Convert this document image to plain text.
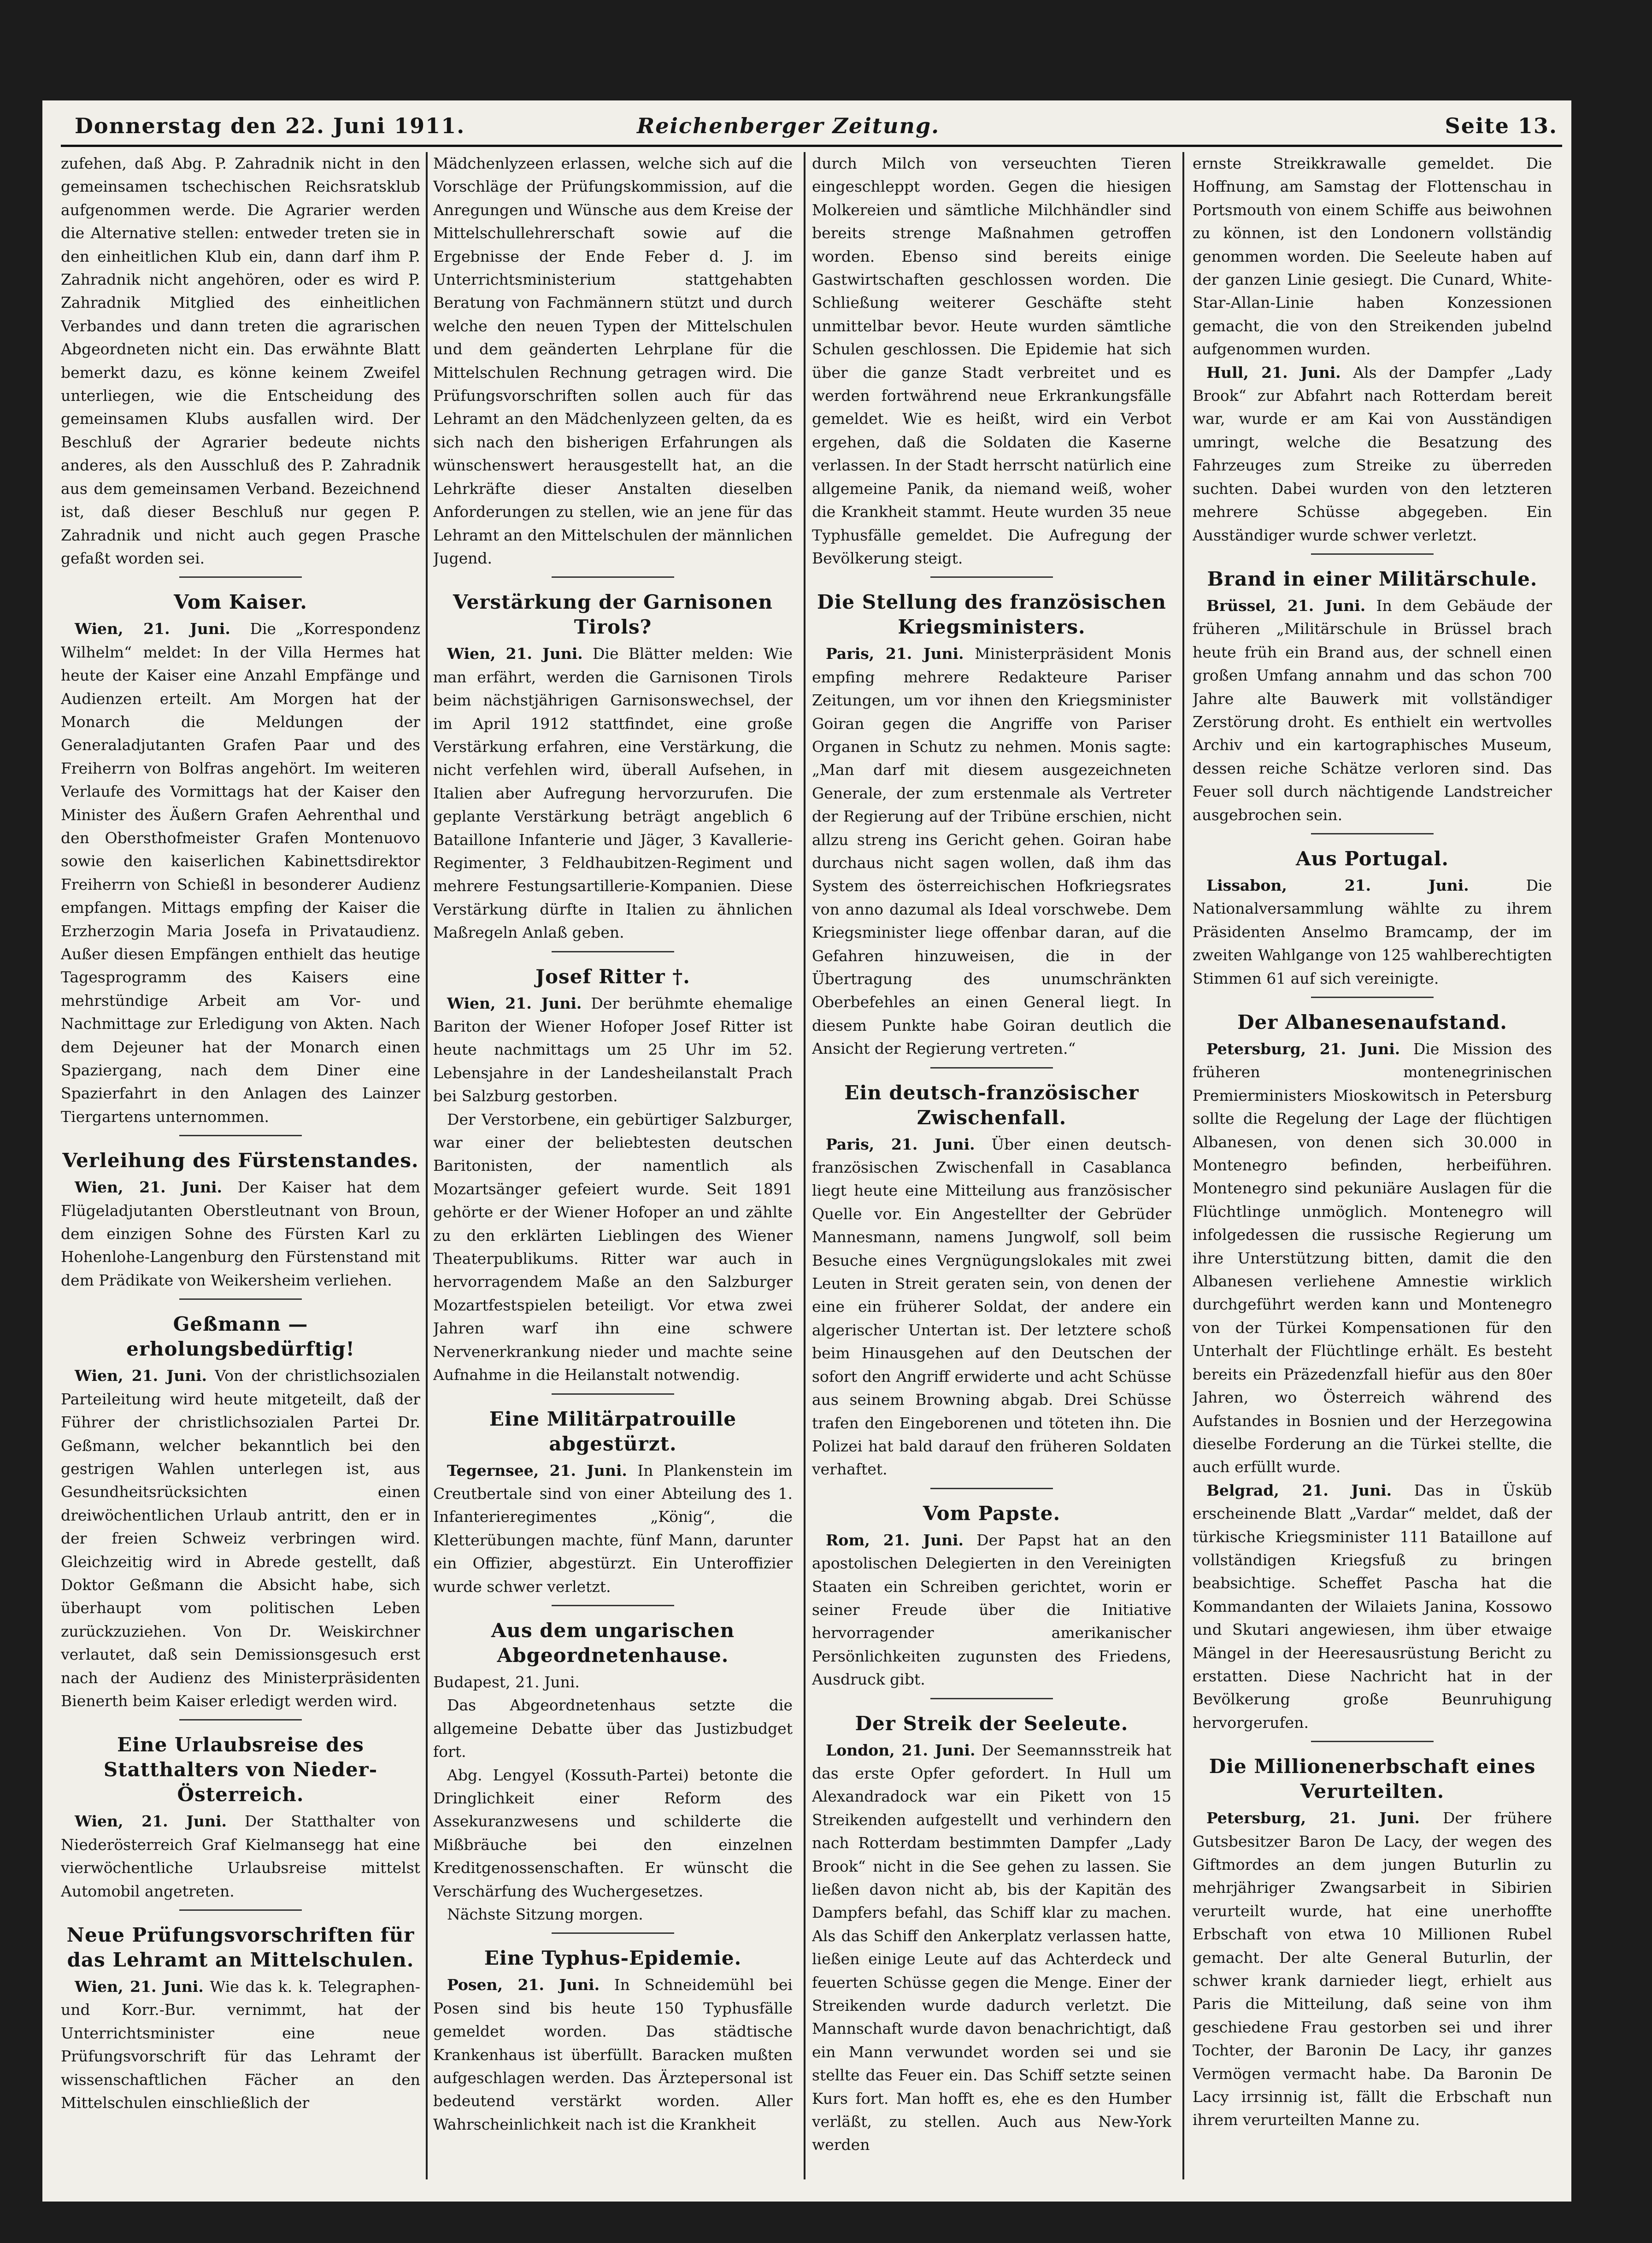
Donnerstag den 22. Juni 1911.	Reichenberger Zeitung.	Seite 13.

zufehen, daß Abg. P. Zahradnik nicht in den gemeinsamen tschechischen Reichsratsklub aufgenommen werde. Die Agrarier werden die Alternative stellen: entweder treten sie in den einheitlichen Klub ein, dann darf ihm P. Zahradnik nicht angehören, oder es wird P. Zahradnik Mitglied des einheitlichen Verbandes und dann treten die agrarischen Abgeordneten nicht ein. Das erwähnte Blatt bemerkt dazu, es könne keinem Zweifel unterliegen, wie die Entscheidung des gemeinsamen Klubs ausfallen wird. Der Beschluß der Agrarier bedeute nichts anderes, als den Ausschluß des P. Zahradnik aus dem gemeinsamen Verband. Bezeichnend ist, daß dieser Beschluß nur gegen P. Zahradnik und nicht auch gegen Prasche gefaßt worden sei.

Vom Kaiser.

Wien, 21. Juni. Die „Korrespondenz Wilhelm“ meldet: In der Villa Hermes hat heute der Kaiser eine Anzahl Empfänge und Audienzen erteilt. Am Morgen hat der Monarch die Meldungen der Generaladjutanten Grafen Paar und des Freiherrn von Bolfras angehört. Im weiteren Verlaufe des Vormittags hat der Kaiser den Minister des Äußern Grafen Aehrenthal und den Obersthofmeister Grafen Montenuovo sowie den kaiserlichen Kabinettsdirektor Freiherrn von Schießl in besonderer Audienz empfangen. Mittags empfing der Kaiser die Erzherzogin Maria Josefa in Privataudienz. Außer diesen Empfängen enthielt das heutige Tagesprogramm des Kaisers eine mehrstündige Arbeit am Vor- und Nachmittage zur Erledigung von Akten. Nach dem Dejeuner hat der Monarch einen Spaziergang, nach dem Diner eine Spazierfahrt in den Anlagen des Lainzer Tiergartens unternommen.

Verleihung des Fürstenstandes.

Wien, 21. Juni. Der Kaiser hat dem Flügeladjutanten Oberstleutnant von Broun, dem einzigen Sohne des Fürsten Karl zu Hohenlohe-Langenburg den Fürstenstand mit dem Prädikate von Weikersheim verliehen.

Geßmann — erholungsbedürftig!

Wien, 21. Juni. Von der christlichsozialen Parteileitung wird heute mitgeteilt, daß der Führer der christlichsozialen Partei Dr. Geßmann, welcher bekanntlich bei den gestrigen Wahlen unterlegen ist, aus Gesundheitsrücksichten einen dreiwöchentlichen Urlaub antritt, den er in der freien Schweiz verbringen wird. Gleichzeitig wird in Abrede gestellt, daß Doktor Geßmann die Absicht habe, sich überhaupt vom politischen Leben zurückzuziehen. Von Dr. Weiskirchner verlautet, daß sein Demissionsgesuch erst nach der Audienz des Ministerpräsidenten Bienerth beim Kaiser erledigt werden wird.

Eine Urlaubsreise des Statthalters von Nieder-Österreich.

Wien, 21. Juni. Der Statthalter von Niederösterreich Graf Kielmansegg hat eine vierwöchentliche Urlaubsreise mittelst Automobil angetreten.

Neue Prüfungsvorschriften für das Lehramt an Mittelschulen.

Wien, 21. Juni. Wie das k. k. Telegraphen- und Korr.-Bur. vernimmt, hat der Unterrichtsminister eine neue Prüfungsvorschrift für das Lehramt der wissenschaftlichen Fächer an den Mittelschulen einschließlich der

Mädchenlyzeen erlassen, welche sich auf die Vorschläge der Prüfungskommission, auf die Anregungen und Wünsche aus dem Kreise der Mittelschullehrerschaft sowie auf die Ergebnisse der Ende Feber d. J. im Unterrichtsministerium stattgehabten Beratung von Fachmännern stützt und durch welche den neuen Typen der Mittelschulen und dem geänderten Lehrplane für die Mittelschulen Rechnung getragen wird. Die Prüfungsvorschriften sollen auch für das Lehramt an den Mädchenlyzeen gelten, da es sich nach den bisherigen Erfahrungen als wünschenswert herausgestellt hat, an die Lehrkräfte dieser Anstalten dieselben Anforderungen zu stellen, wie an jene für das Lehramt an den Mittelschulen der männlichen Jugend.

Verstärkung der Garnisonen Tirols?

Wien, 21. Juni. Die Blätter melden: Wie man erfährt, werden die Garnisonen Tirols beim nächstjährigen Garnisonswechsel, der im April 1912 stattfindet, eine große Verstärkung erfahren, eine Verstärkung, die nicht verfehlen wird, überall Aufsehen, in Italien aber Aufregung hervorzurufen. Die geplante Verstärkung beträgt angeblich 6 Bataillone Infanterie und Jäger, 3 Kavallerie-Regimenter, 3 Feldhaubitzen-Regiment und mehrere Festungsartillerie-Kompanien. Diese Verstärkung dürfte in Italien zu ähnlichen Maßregeln Anlaß geben.

Josef Ritter †.

Wien, 21. Juni. Der berühmte ehemalige Bariton der Wiener Hofoper Josef Ritter ist heute nachmittags um 25 Uhr im 52. Lebensjahre in der Landesheilanstalt Prach bei Salzburg gestorben.

Der Verstorbene, ein gebürtiger Salzburger, war einer der beliebtesten deutschen Baritonisten, der namentlich als Mozartsänger gefeiert wurde. Seit 1891 gehörte er der Wiener Hofoper an und zählte zu den erklärten Lieblingen des Wiener Theaterpublikums. Ritter war auch in hervorragendem Maße an den Salzburger Mozartfestspielen beteiligt. Vor etwa zwei Jahren warf ihn eine schwere Nervenerkrankung nieder und machte seine Aufnahme in die Heilanstalt notwendig.

Eine Militärpatrouille abgestürzt.

Tegernsee, 21. Juni. In Plankenstein im Creutbertale sind von einer Abteilung des 1. Infanterieregimentes „König“, die Kletterübungen machte, fünf Mann, darunter ein Offizier, abgestürzt. Ein Unteroffizier wurde schwer verletzt.

Aus dem ungarischen Abgeordnetenhause.

Budapest, 21. Juni.

Das Abgeordnetenhaus setzte die allgemeine Debatte über das Justizbudget fort.

Abg. Lengyel (Kossuth-Partei) betonte die Dringlichkeit einer Reform des Assekuranzwesens und schilderte die Mißbräuche bei den einzelnen Kreditgenossenschaften. Er wünscht die Verschärfung des Wuchergesetzes.

Nächste Sitzung morgen.

Eine Typhus-Epidemie.

Posen, 21. Juni. In Schneidemühl bei Posen sind bis heute 150 Typhusfälle gemeldet worden. Das städtische Krankenhaus ist überfüllt. Baracken mußten aufgeschlagen werden. Das Ärztepersonal ist bedeutend verstärkt worden. Aller Wahrscheinlichkeit nach ist die Krankheit

durch Milch von verseuchten Tieren eingeschleppt worden. Gegen die hiesigen Molkereien und sämtliche Milchhändler sind bereits strenge Maßnahmen getroffen worden. Ebenso sind bereits einige Gastwirtschaften geschlossen worden. Die Schließung weiterer Geschäfte steht unmittelbar bevor. Heute wurden sämtliche Schulen geschlossen. Die Epidemie hat sich über die ganze Stadt verbreitet und es werden fortwährend neue Erkrankungsfälle gemeldet. Wie es heißt, wird ein Verbot ergehen, daß die Soldaten die Kaserne verlassen. In der Stadt herrscht natürlich eine allgemeine Panik, da niemand weiß, woher die Krankheit stammt. Heute wurden 35 neue Typhusfälle gemeldet. Die Aufregung der Bevölkerung steigt.

Die Stellung des französischen Kriegsministers.

Paris, 21. Juni. Ministerpräsident Monis empfing mehrere Redakteure Pariser Zeitungen, um vor ihnen den Kriegsminister Goiran gegen die Angriffe von Pariser Organen in Schutz zu nehmen. Monis sagte: „Man darf mit diesem ausgezeichneten Generale, der zum erstenmale als Vertreter der Regierung auf der Tribüne erschien, nicht allzu streng ins Gericht gehen. Goiran habe durchaus nicht sagen wollen, daß ihm das System des österreichischen Hofkriegsrates von anno dazumal als Ideal vorschwebe. Dem Kriegsminister liege offenbar daran, auf die Gefahren hinzuweisen, die in der Übertragung des unumschränkten Oberbefehles an einen General liegt. In diesem Punkte habe Goiran deutlich die Ansicht der Regierung vertreten.“

Ein deutsch-französischer Zwischenfall.

Paris, 21. Juni. Über einen deutsch-französischen Zwischenfall in Casablanca liegt heute eine Mitteilung aus französischer Quelle vor. Ein Angestellter der Gebrüder Mannesmann, namens Jungwolf, soll beim Besuche eines Vergnügungslokales mit zwei Leuten in Streit geraten sein, von denen der eine ein früherer Soldat, der andere ein algerischer Untertan ist. Der letztere schoß beim Hinausgehen auf den Deutschen der sofort den Angriff erwiderte und acht Schüsse aus seinem Browning abgab. Drei Schüsse trafen den Eingeborenen und töteten ihn. Die Polizei hat bald darauf den früheren Soldaten verhaftet.

Vom Papste.

Rom, 21. Juni. Der Papst hat an den apostolischen Delegierten in den Vereinigten Staaten ein Schreiben gerichtet, worin er seiner Freude über die Initiative hervorragender amerikanischer Persönlichkeiten zugunsten des Friedens, Ausdruck gibt.

Der Streik der Seeleute.

London, 21. Juni. Der Seemannsstreik hat das erste Opfer gefordert. In Hull um Alexandradock war ein Pikett von 15 Streikenden aufgestellt und verhindern den nach Rotterdam bestimmten Dampfer „Lady Brook“ nicht in die See gehen zu lassen. Sie ließen davon nicht ab, bis der Kapitän des Dampfers befahl, das Schiff klar zu machen. Als das Schiff den Ankerplatz verlassen hatte, ließen einige Leute auf das Achterdeck und feuerten Schüsse gegen die Menge. Einer der Streikenden wurde dadurch verletzt. Die Mannschaft wurde davon benachrichtigt, daß ein Mann verwundet worden sei und sie stellte das Feuer ein. Das Schiff setzte seinen Kurs fort. Man hofft es, ehe es den Humber verläßt, zu stellen. Auch aus New-York werden

ernste Streikkrawalle gemeldet. Die Hoffnung, am Samstag der Flottenschau in Portsmouth von einem Schiffe aus beiwohnen zu können, ist den Londonern vollständig genommen worden. Die Seeleute haben auf der ganzen Linie gesiegt. Die Cunard, White-Star-Allan-Linie haben Konzessionen gemacht, die von den Streikenden jubelnd aufgenommen wurden.

Hull, 21. Juni. Als der Dampfer „Lady Brook“ zur Abfahrt nach Rotterdam bereit war, wurde er am Kai von Ausständigen umringt, welche die Besatzung des Fahrzeuges zum Streike zu überreden suchten. Dabei wurden von den letzteren mehrere Schüsse abgegeben. Ein Ausständiger wurde schwer verletzt.

Brand in einer Militärschule.

Brüssel, 21. Juni. In dem Gebäude der früheren „Militärschule in Brüssel brach heute früh ein Brand aus, der schnell einen großen Umfang annahm und das schon 700 Jahre alte Bauwerk mit vollständiger Zerstörung droht. Es enthielt ein wertvolles Archiv und ein kartographisches Museum, dessen reiche Schätze verloren sind. Das Feuer soll durch nächtigende Landstreicher ausgebrochen sein.

Aus Portugal.

Lissabon, 21. Juni.	Die Nationalversammlung wählte zu ihrem Präsidenten Anselmo Bramcamp, der im zweiten Wahlgange von 125 wahlberechtigten Stimmen 61 auf sich vereinigte.

Der Albanesenaufstand.

Petersburg, 21. Juni. Die Mission des früheren montenegrinischen Premierministers Mioskowitsch in Petersburg sollte die Regelung der Lage der flüchtigen Albanesen, von denen sich 30.000 in Montenegro befinden, herbeiführen. Montenegro sind pekuniäre Auslagen für die Flüchtlinge unmöglich. Montenegro will infolgedessen die russische Regierung um ihre Unterstützung bitten, damit die den Albanesen verliehene Amnestie wirklich durchgeführt werden kann und Montenegro von der Türkei Kompensationen für den Unterhalt der Flüchtlinge erhält. Es besteht bereits ein Präzedenzfall hiefür aus den 80er Jahren, wo Österreich während des Aufstandes in Bosnien und der Herzegowina dieselbe Forderung an die Türkei stellte, die auch erfüllt wurde.

Belgrad, 21. Juni. Das in Üsküb erscheinende Blatt „Vardar“ meldet, daß der türkische Kriegsminister 111 Bataillone auf vollständigen Kriegsfuß zu bringen beabsichtige. Scheffet Pascha hat die Kommandanten der Wilaiets Janina, Kossowo und Skutari angewiesen, ihm über etwaige Mängel in der Heeresausrüstung Bericht zu erstatten. Diese Nachricht hat in der Bevölkerung große Beunruhigung hervorgerufen.

Die Millionenerbschaft eines Verurteilten.

Petersburg, 21. Juni. Der frühere Gutsbesitzer Baron De Lacy, der wegen des Giftmordes an dem jungen Buturlin zu mehrjähriger Zwangsarbeit in Sibirien verurteilt wurde, hat eine unerhoffte Erbschaft von etwa 10 Millionen Rubel gemacht. Der alte General Buturlin, der schwer krank darnieder liegt, erhielt aus Paris die Mitteilung, daß seine von ihm geschiedene Frau gestorben sei und ihrer Tochter, der Baronin De Lacy, ihr ganzes Vermögen vermacht habe. Da Baronin De Lacy irrsinnig ist, fällt die Erbschaft nun ihrem verurteilten Manne zu.
